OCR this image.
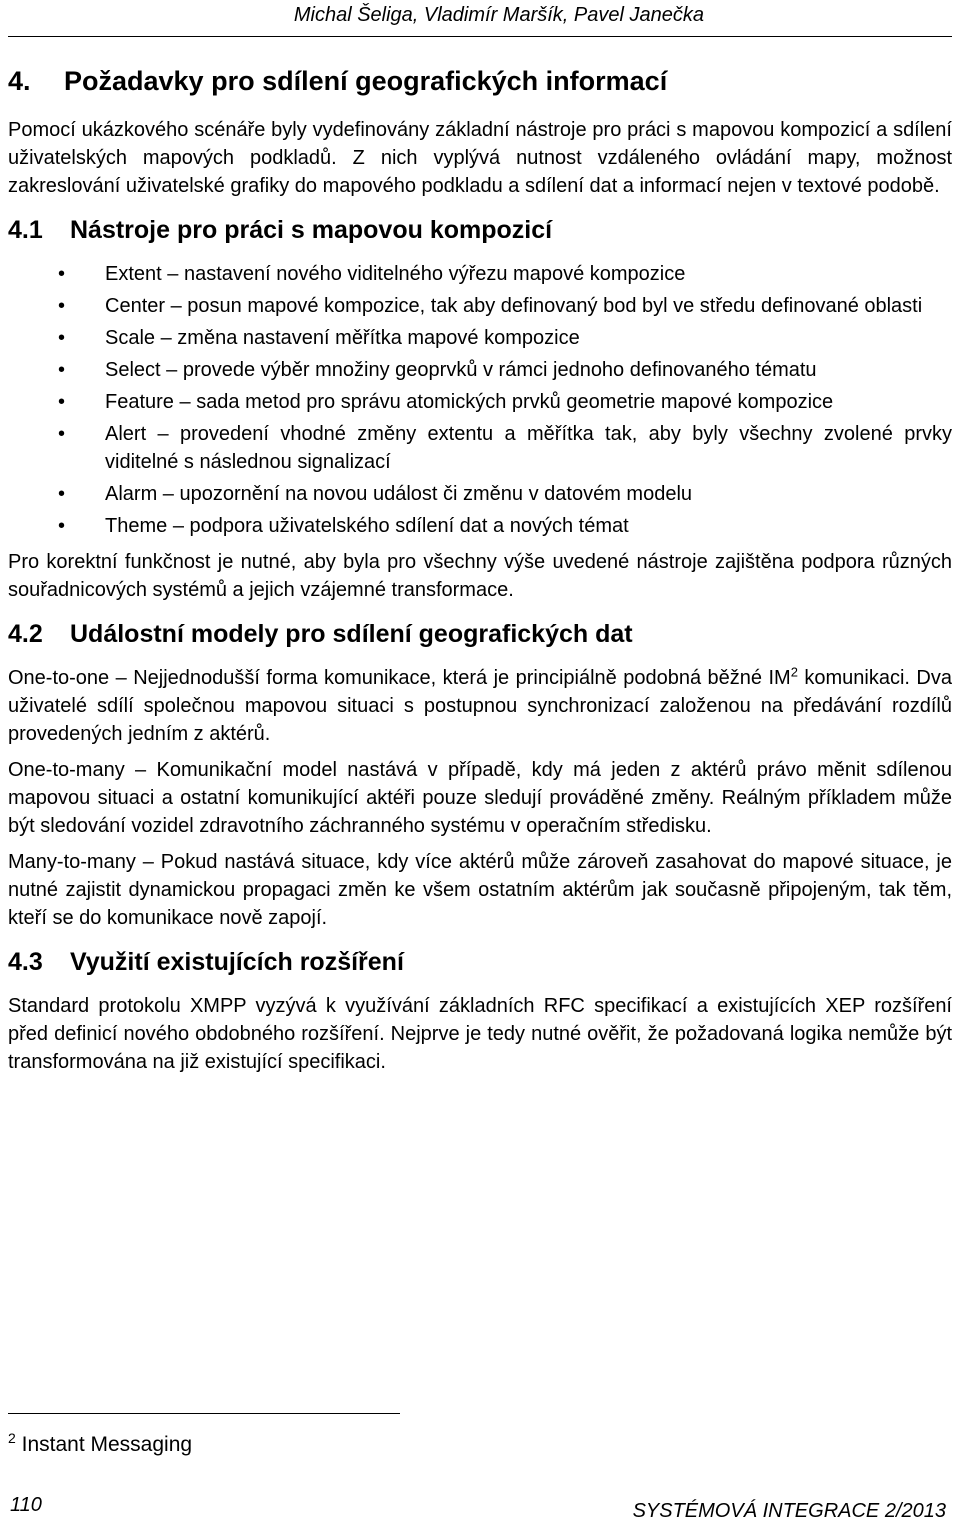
Michal Šeliga, Vladimír Maršík, Pavel Janečka
4. Požadavky pro sdílení geografických informací

Pomocí ukázkového scénáře byly vydefinovány základní nástroje pro práci s mapovou kompozicí a sdílení uživatelských mapových podkladů. Z nich vyplývá nutnost vzdáleného ovládání mapy, možnost zakreslování uživatelské grafiky do mapového podkladu a sdílení dat a informací nejen v textové podobě.

4.1 Nástroje pro práci s mapovou kompozicí
• Extent – nastavení nového viditelného výřezu mapové kompozice
• Center – posun mapové kompozice, tak aby definovaný bod byl ve středu definované oblasti
• Scale – změna nastavení měřítka mapové kompozice
• Select – provede výběr množiny geoprvků v rámci jednoho definovaného tématu
• Feature – sada metod pro správu atomických prvků geometrie mapové kompozice
• Alert – provedení vhodné změny extentu a měřítka tak, aby byly všechny zvolené prvky viditelné s následnou signalizací
• Alarm – upozornění na novou událost či změnu v datovém modelu
• Theme – podpora uživatelského sdílení dat a nových témat

Pro korektní funkčnost je nutné, aby byla pro všechny výše uvedené nástroje zajištěna podpora různých souřadnicových systémů a jejich vzájemné transformace.

4.2 Událostní modely pro sdílení geografických dat

One-to-one – Nejjednodušší forma komunikace, která je principiálně podobná běžné $IM^2$ komunikaci. Dva uživatelé sdílí společnou mapovou situaci s postupnou synchronizací založenou na předávání rozdílů provedených jedním z aktérů.

One-to-many – Komunikační model nastává v případě, kdy má jeden z aktérů právo měnit sdílenou mapovou situaci a ostatní komunikující aktéři pouze sledují prováděné změny. Reálným příkladem může být sledování vozidel zdravotního záchranného systému v operačním středisku.

Many-to-many – Pokud nastává situace, kdy více aktérů může zároveň zasahovat do mapové situace, je nutné zajistit dynamickou propagaci změn ke všem ostatním aktérům jak současně připojeným, tak těm, kteří se do komunikace nově zapojí.

4.3 Využití existujících rozšíření

Standard protokolu XMPP vyzývá k využívání základních RFC specifikací a existujících XEP rozšíření před definicí nového obdobného rozšíření. Nejprve je tedy nutné ověřit, že požadovaná logika nemůže být transformována na již existující specifikaci.

$^2$ Instant Messaging
110	SYSTÉMOVÁ INTEGRACE 2/2013
